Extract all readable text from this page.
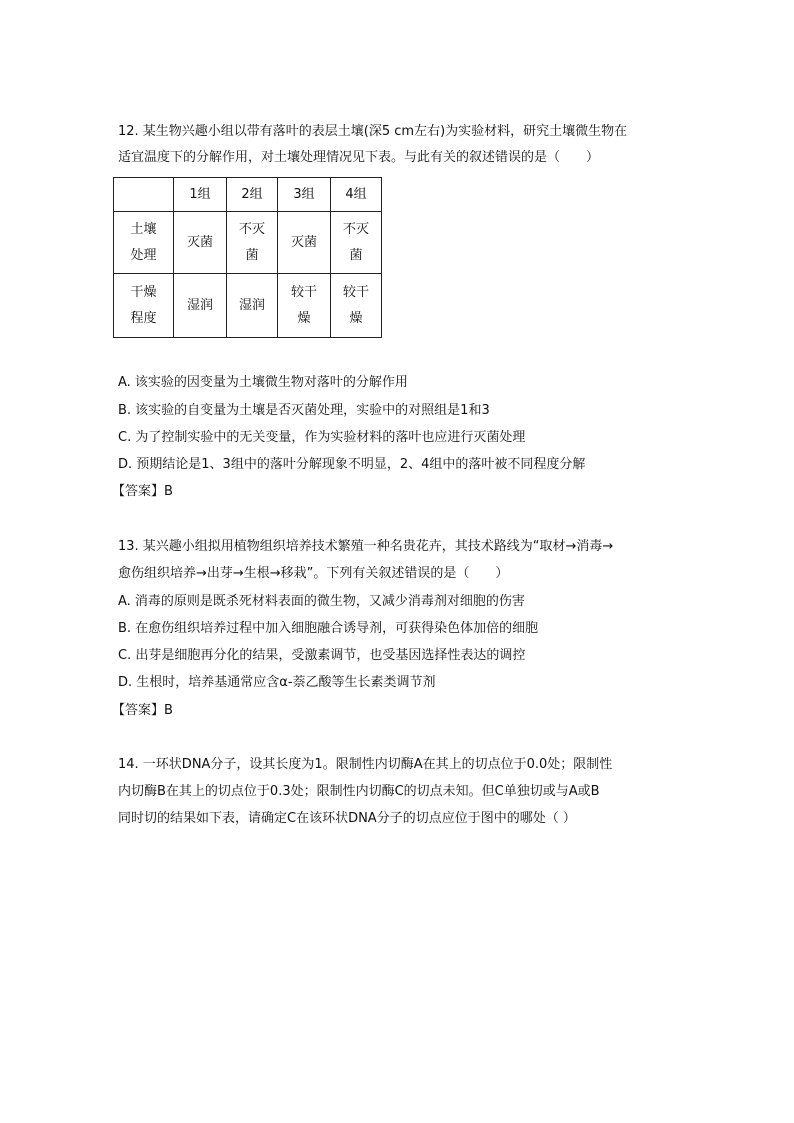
12. 某生物兴趣小组以带有落叶的表层土壤(深5 cm左右)为实验材料，研究土壤微生物在
适宜温度下的分解作用，对土壤处理情况见下表。与此有关的叙述错误的是（　　）
	1组	2组	3组	4组
土壤处理	灭菌	不灭菌	灭菌	不灭菌
干燥程度	湿润	湿润	较干燥	较干燥
A. 该实验的因变量为土壤微生物对落叶的分解作用
B. 该实验的自变量为土壤是否灭菌处理，实验中的对照组是1和3
C. 为了控制实验中的无关变量，作为实验材料的落叶也应进行灭菌处理
D. 预期结论是1、3组中的落叶分解现象不明显，2、4组中的落叶被不同程度分解
【答案】B
13. 某兴趣小组拟用植物组织培养技术繁殖一种名贵花卉，其技术路线为“取材→消毒→
愈伤组织培养→出芽→生根→移栽”。下列有关叙述错误的是（　　）
A. 消毒的原则是既杀死材料表面的微生物，又减少消毒剂对细胞的伤害
B. 在愈伤组织培养过程中加入细胞融合诱导剂，可获得染色体加倍的细胞
C. 出芽是细胞再分化的结果，受激素调节，也受基因选择性表达的调控
D. 生根时，培养基通常应含α-萘乙酸等生长素类调节剂
【答案】B
14. 一环状DNA分子，设其长度为1。限制性内切酶A在其上的切点位于0.0处；限制性
内切酶B在其上的切点位于0.3处；限制性内切酶C的切点未知。但C单独切或与A或B
同时切的结果如下表，请确定C在该环状DNA分子的切点应位于图中的哪处（ ）
